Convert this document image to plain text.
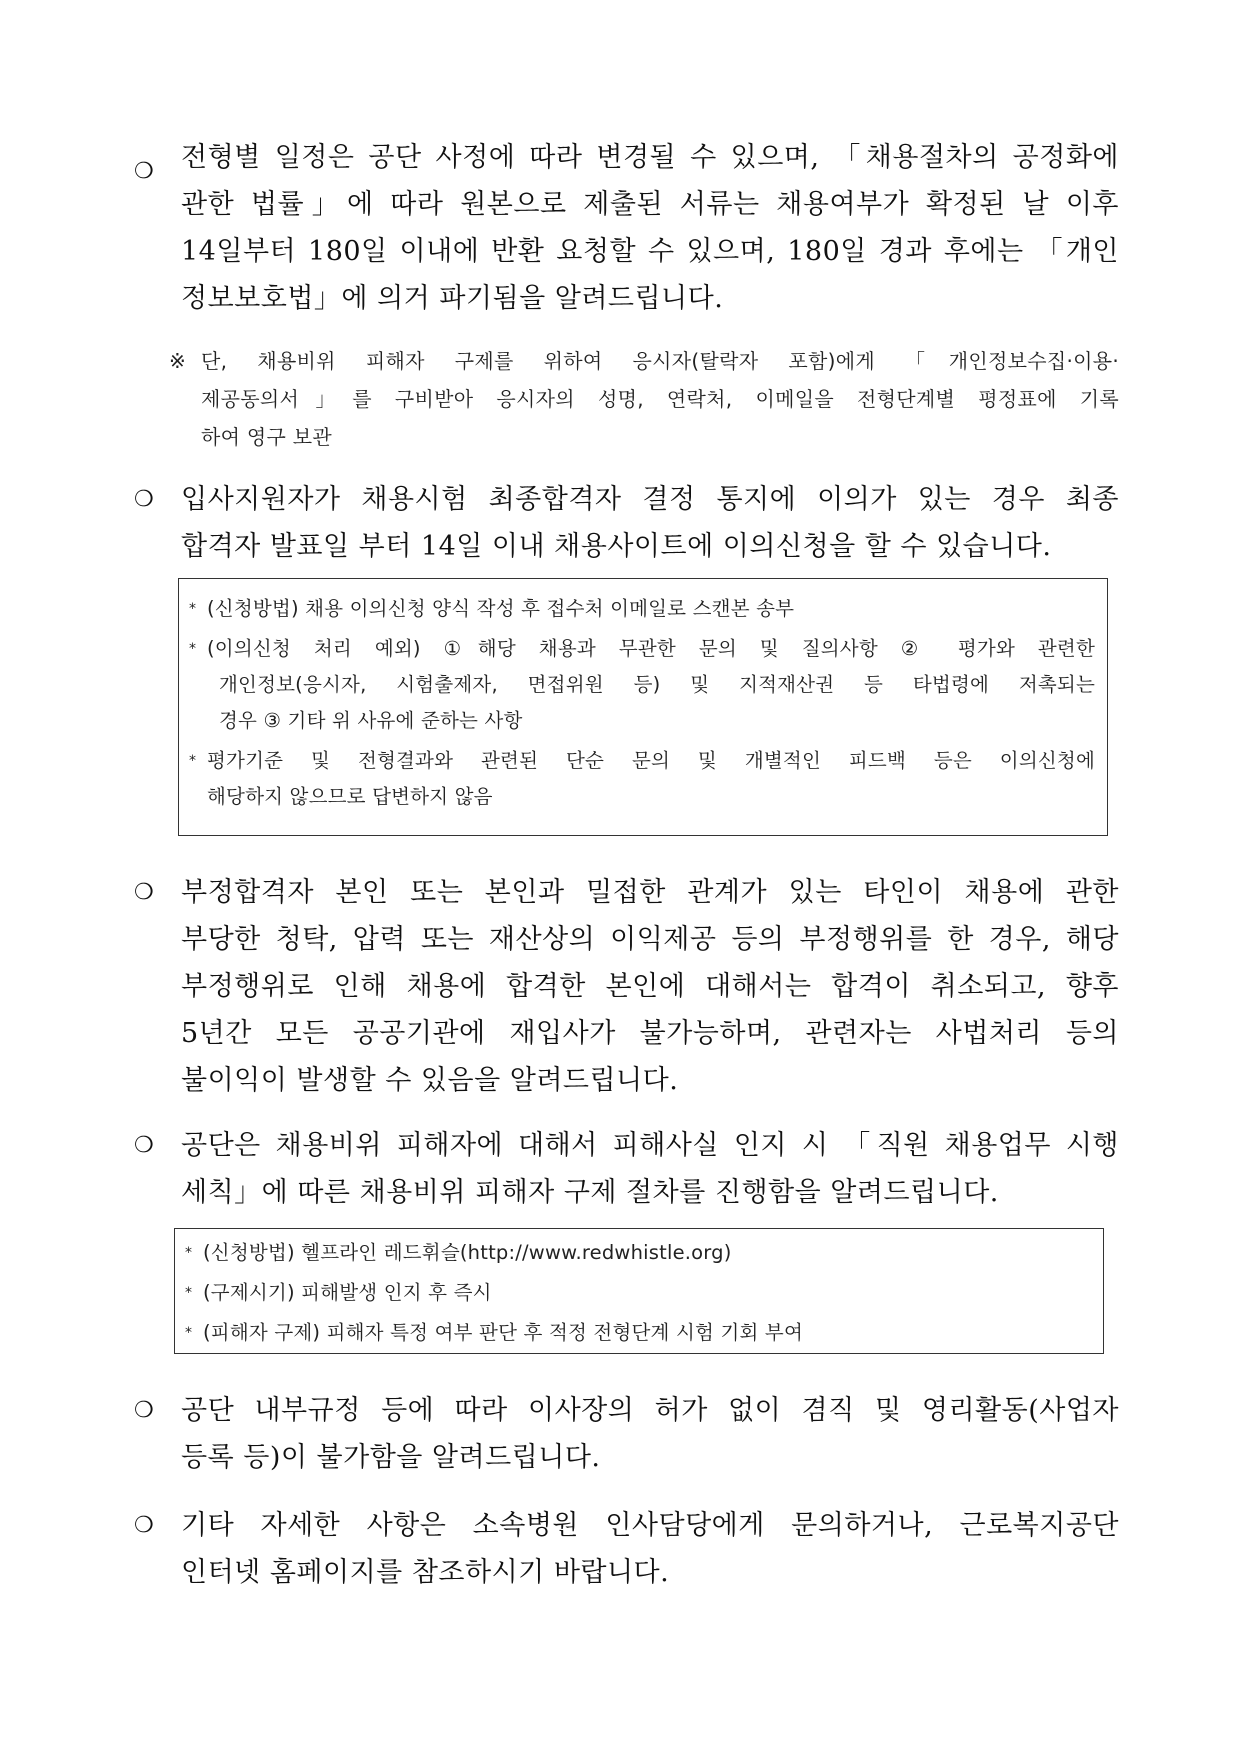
❍ 전형별 일정은 공단 사정에 따라 변경될 수 있으며, 「채용절차의 공정화에
관한 법률」에 따라 원본으로 제출된 서류는 채용여부가 확정된 날 이후
14일부터 180일 이내에 반환 요청할 수 있으며, 180일 경과 후에는 「개인
정보보호법」에 의거 파기됨을 알려드립니다.
※ 단, 채용비위 피해자 구제를 위하여 응시자(탈락자 포함)에게 「개인정보수집·이용·
제공동의서」를 구비받아 응시자의 성명, 연락처, 이메일을 전형단계별 평정표에 기록
하여 영구 보관
❍ 입사지원자가 채용시험 최종합격자 결정 통지에 이의가 있는 경우 최종
합격자 발표일 부터 14일 이내 채용사이트에 이의신청을 할 수 있습니다.
* (신청방법) 채용 이의신청 양식 작성 후 접수처 이메일로 스캔본 송부
* (이의신청 처리 예외) ①해당 채용과 무관한 문의 및 질의사항 ② 평가와 관련한
개인정보(응시자, 시험출제자, 면접위원 등) 및 지적재산권 등 타법령에 저촉되는
경우 ③ 기타 위 사유에 준하는 사항
* 평가기준 및 전형결과와 관련된 단순 문의 및 개별적인 피드백 등은 이의신청에
해당하지 않으므로 답변하지 않음
❍ 부정합격자 본인 또는 본인과 밀접한 관계가 있는 타인이 채용에 관한
부당한 청탁, 압력 또는 재산상의 이익제공 등의 부정행위를 한 경우, 해당
부정행위로 인해 채용에 합격한 본인에 대해서는 합격이 취소되고, 향후
5년간 모든 공공기관에 재입사가 불가능하며, 관련자는 사법처리 등의
불이익이 발생할 수 있음을 알려드립니다.
❍ 공단은 채용비위 피해자에 대해서 피해사실 인지 시 「직원 채용업무 시행
세칙」에 따른 채용비위 피해자 구제 절차를 진행함을 알려드립니다.
* (신청방법) 헬프라인 레드휘슬(http://www.redwhistle.org)
* (구제시기) 피해발생 인지 후 즉시
* (피해자 구제) 피해자 특정 여부 판단 후 적정 전형단계 시험 기회 부여
❍ 공단 내부규정 등에 따라 이사장의 허가 없이 겸직 및 영리활동(사업자
등록 등)이 불가함을 알려드립니다.
❍ 기타 자세한 사항은 소속병원 인사담당에게 문의하거나, 근로복지공단
인터넷 홈페이지를 참조하시기 바랍니다.
